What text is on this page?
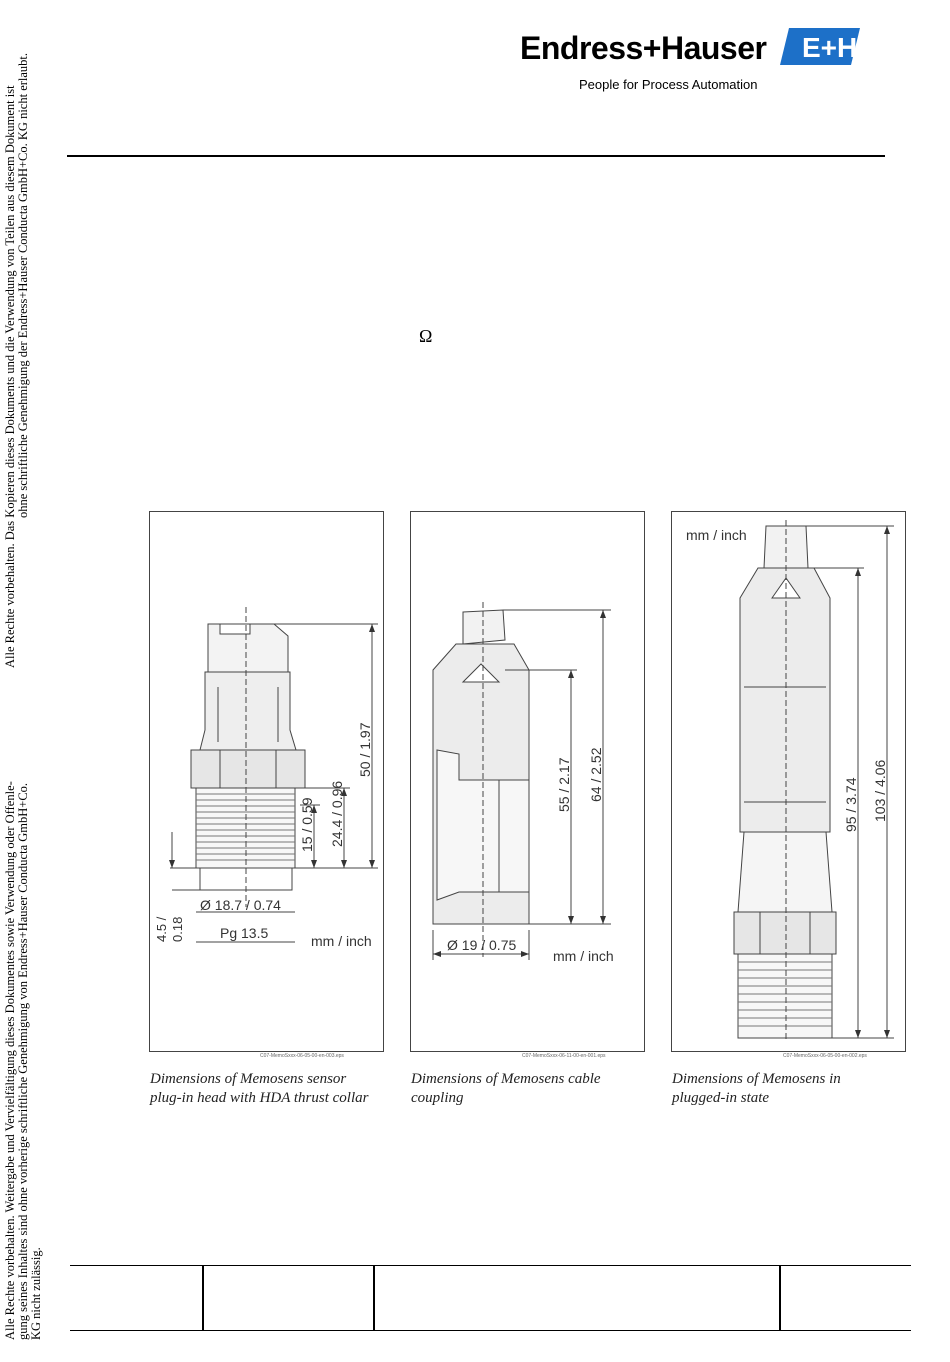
Alle Rechte vorbehalten. Das Kopieren dieses Dokuments und die Verwendung von Teilen aus diesem Dokument ist ohne schriftliche Genehmigung der Endress+Hauser Conducta GmbH+Co. KG nicht erlaubt.
Alle Rechte vorbehalten. Weitergabe und Vervielfältigung dieses Dokumentes sowie Verwendung oder Offenle- gung seines Inhaltes sind ohne vorherige schriftliche Genehmigung von Endress+Hauser Conducta GmbH+Co. KG nicht zulässig.
Endress+Hauser E+H
People for Process Automation
Ω
50 / 1.97
24.4 / 0.96
15 / 0.59
Ø 18.7 / 0.74
Pg 13.5
4.5 / 0.18	mm / inch
C07-MemoSxxx-06-05-00-en-003.eps
Dimensions of Memosens sensor
plug-in head with HDA thrust collar
55 / 2.17 64 / 2.52
Ø 19 / 0.75
mm / inch
C07-MemoSxxx-06-11-00-en-001.eps
Dimensions of Memosens cable
coupling
mm / inch
95 / 3.74 103 / 4.06
C07-MemoSxxx-06-05-00-en-002.eps
Dimensions of Memosens in
plugged-in state
